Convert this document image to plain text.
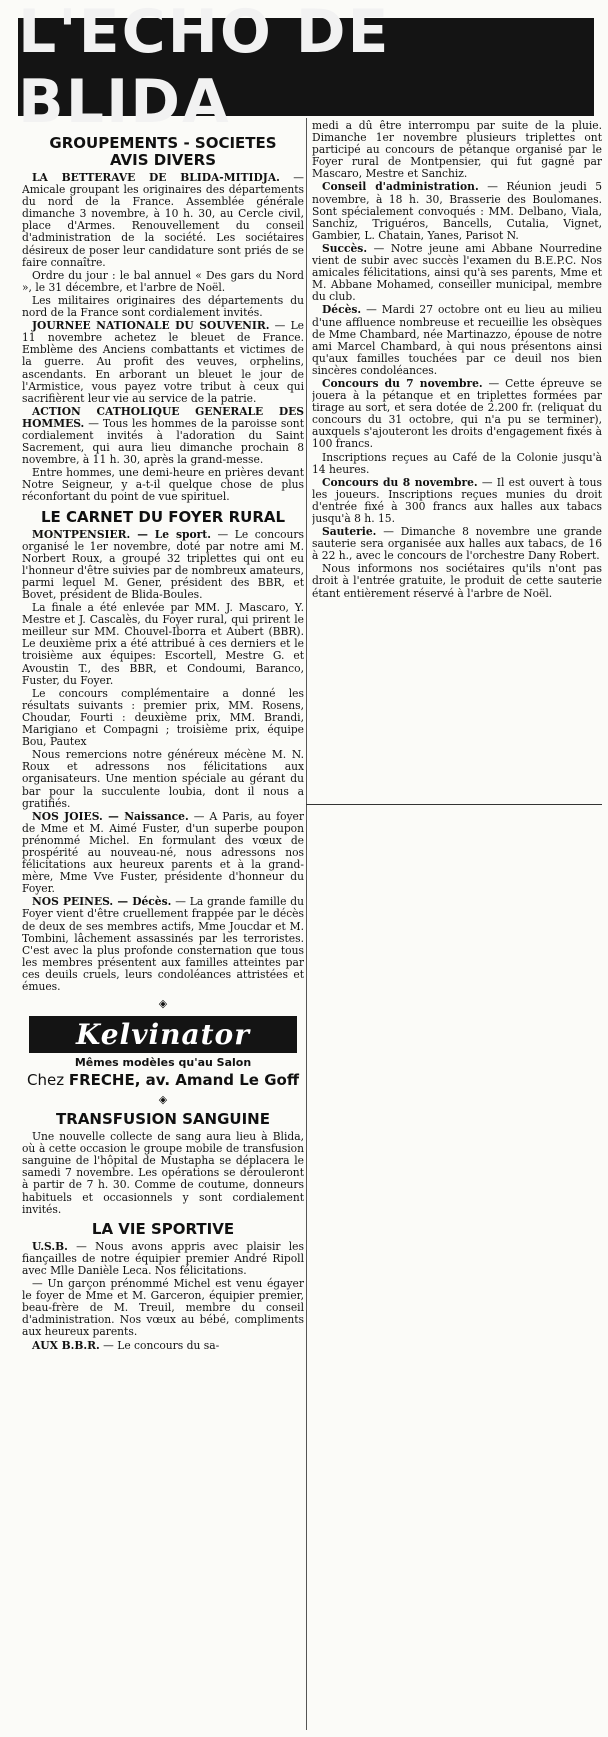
L'ECHO DE BLIDA
GROUPEMENTS - SOCIETES
AVIS DIVERS

LA BETTERAVE DE BLIDA-MITIDJA. — Amicale groupant les originaires des départements du nord de la France. Assemblée générale dimanche 3 novembre, à 10 h. 30, au Cercle civil, place d'Armes. Renouvellement du conseil d'administration de la société. Les sociétaires désireux de poser leur candidature sont priés de se faire connaître.

Ordre du jour : le bal annuel « Des gars du Nord », le 31 décembre, et l'arbre de Noël.

Les militaires originaires des départements du nord de la France sont cordialement invités.

JOURNEE NATIONALE DU SOUVENIR. — Le 11 novembre achetez le bleuet de France. Emblème des Anciens combattants et victimes de la guerre. Au profit des veuves, orphelins, ascendants. En arborant un bleuet le jour de l'Armistice, vous payez votre tribut à ceux qui sacrifièrent leur vie au service de la patrie.

ACTION CATHOLIQUE GENERALE DES HOMMES. — Tous les hommes de la paroisse sont cordialement invités à l'adoration du Saint Sacrement, qui aura lieu dimanche prochain 8 novembre, à 11 h. 30, après la grand-messe.

Entre hommes, une demi-heure en prières devant Notre Seigneur, y a-t-il quelque chose de plus réconfortant du point de vue spirituel.

LE CARNET DU FOYER RURAL

MONTPENSIER. — Le sport. — Le concours organisé le 1er novembre, doté par notre ami M. Norbert Roux, a groupé 32 triplettes qui ont eu l'honneur d'être suivies par de nombreux amateurs, parmi lequel M. Gener, président des BBR, et Bovet, président de Blida-Boules.

La finale a été enlevée par MM. J. Mascaro, Y. Mestre et J. Cascalès, du Foyer rural, qui prirent le meilleur sur MM. Chouvel-Iborra et Aubert (BBR). Le deuxième prix a été attribué à ces derniers et le troisième aux équipes: Escortell, Mestre G. et Avoustin T., des BBR, et Condoumi, Baranco, Fuster, du Foyer.

Le concours complémentaire a donné les résultats suivants : premier prix, MM. Rosens, Choudar, Fourti : deuxième prix, MM. Brandi, Marigiano et Compagni ; troisième prix, équipe Bou, Pautex

Nous remercions notre généreux mécène M. N. Roux et adressons nos félicitations aux organisateurs. Une mention spéciale au gérant du bar pour la succulente loubia, dont il nous a gratifiés.

NOS JOIES. — Naissance. — A Paris, au foyer de Mme et M. Aimé Fuster, d'un superbe poupon prénommé Michel. En formulant des vœux de prospérité au nouveau-né, nous adressons nos félicitations aux heureux parents et à la grand-mère, Mme Vve Fuster, présidente d'honneur du Foyer.

NOS PEINES. — Décès. — La grande famille du Foyer vient d'être cruellement frappée par le décès de deux de ses membres actifs, Mme Joucdar et M. Tombini, lâchement assassinés par les terroristes. C'est avec la plus profonde consternation que tous les membres présentent aux familles atteintes par ces deuils cruels, leurs condoléances attristées et émues.

◈
Kelvinator
Mêmes modèles qu'au Salon
Chez FRECHE, av. Amand Le Goff
◈
TRANSFUSION SANGUINE

Une nouvelle collecte de sang aura lieu à Blida, où à cette occasion le groupe mobile de transfusion sanguine de l'hôpital de Mustapha se déplacera le samedi 7 novembre. Les opérations se dérouleront à partir de 7 h. 30. Comme de coutume, donneurs habituels et occasionnels y sont cordialement invités.

LA VIE SPORTIVE

U.S.B. — Nous avons appris avec plaisir les fiançailles de notre équipier premier André Ripoll avec Mlle Danièle Leca. Nos félicitations.

— Un garçon prénommé Michel est venu égayer le foyer de Mme et M. Garceron, équipier premier, beau-frère de M. Treuil, membre du conseil d'administration. Nos vœux au bébé, compliments aux heureux parents.

AUX B.B.R. — Le concours du sa-

medi a dû être interrompu par suite de la pluie. Dimanche 1er novembre plusieurs triplettes ont participé au concours de pétanque organisé par le Foyer rural de Montpensier, qui fut gagné par Mascaro, Mestre et Sanchiz.

Conseil d'administration. — Réunion jeudi 5 novembre, à 18 h. 30, Brasserie des Boulomanes. Sont spécialement convoqués : MM. Delbano, Viala, Sanchiz, Triguéros, Bancells, Cutalia, Vignet, Gambier, L. Chatain, Yanes, Parisot N.

Succès. — Notre jeune ami Abbane Nourredine vient de subir avec succès l'examen du B.E.P.C. Nos amicales félicitations, ainsi qu'à ses parents, Mme et M. Abbane Mohamed, conseiller municipal, membre du club.

Décès. — Mardi 27 octobre ont eu lieu au milieu d'une affluence nombreuse et recueillie les obsèques de Mme Chambard, née Martinazzo, épouse de notre ami Marcel Chambard, à qui nous présentons ainsi qu'aux familles touchées par ce deuil nos bien sincères condoléances.

Concours du 7 novembre. — Cette épreuve se jouera à la pétanque et en triplettes formées par tirage au sort, et sera dotée de 2.200 fr. (reliquat du concours du 31 octobre, qui n'a pu se terminer), auxquels s'ajouteront les droits d'engagement fixés à 100 francs.

Inscriptions reçues au Café de la Colonie jusqu'à 14 heures.

Concours du 8 novembre. — Il est ouvert à tous les joueurs. Inscriptions reçues munies du droit d'entrée fixé à 300 francs aux halles aux tabacs jusqu'à 8 h. 15.

Sauterie. — Dimanche 8 novembre une grande sauterie sera organisée aux halles aux tabacs, de 16 à 22 h., avec le concours de l'orchestre Dany Robert.

Nous informons nos sociétaires qu'ils n'ont pas droit à l'entrée gratuite, le produit de cette sauterie étant entièrement réservé à l'arbre de Noël.
